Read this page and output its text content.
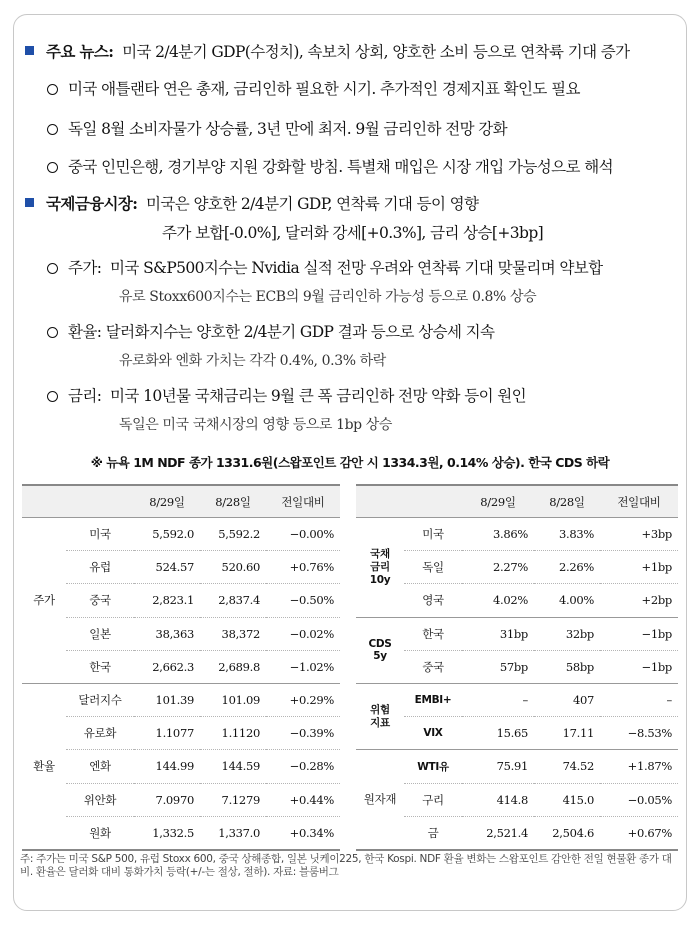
주요 뉴스: 미국 2/4분기 GDP(수정치), 속보치 상회, 양호한 소비 등으로 연착륙 기대 증가
미국 애틀랜타 연은 총재, 금리인하 필요한 시기. 추가적인 경제지표 확인도 필요
독일 8월 소비자물가 상승률, 3년 만에 최저. 9월 금리인하 전망 강화
중국 인민은행, 경기부양 지원 강화할 방침. 특별채 매입은 시장 개입 가능성으로 해석
국제금융시장: 미국은 양호한 2/4분기 GDP, 연착륙 기대 등이 영향
주가 보합[-0.0%], 달러화 강세[+0.3%], 금리 상승[+3bp]
주가: 미국 S&P500지수는 Nvidia 실적 전망 우려와 연착륙 기대 맞물리며 약보합
유로 Stoxx600지수는 ECB의 9월 금리인하 가능성 등으로 0.8% 상승
환율: 달러화지수는 양호한 2/4분기 GDP 결과 등으로 상승세 지속
유로화와 엔화 가치는 각각 0.4%, 0.3% 하락
금리: 미국 10년물 국채금리는 9월 큰 폭 금리인하 전망 약화 등이 원인
독일은 미국 국채시장의 영향 등으로 1bp 상승
※ 뉴욕 1M NDF 종가 1331.6원(스왑포인트 감안 시 1334.3원, 0.14% 상승). 한국 CDS 하락
		8/29일	8/28일	전일대비
주가	미국	5,592.0	5,592.2	−0.00%
	유럽	524.57	520.60	+0.76%
	중국	2,823.1	2,837.4	−0.50%
	일본	38,363	38,372	−0.02%
	한국	2,662.3	2,689.8	−1.02%
환율	달러지수	101.39	101.09	+0.29%
	유로화	1.1077	1.1120	−0.39%
	엔화	144.99	144.59	−0.28%
	위안화	7.0970	7.1279	+0.44%
	원화	1,332.5	1,337.0	+0.34%
		8/29일	8/28일	전일대비
국채
금리
10y	미국	3.86%	3.83%	+3bp
	독일	2.27%	2.26%	+1bp
	영국	4.02%	4.00%	+2bp
CDS
5y	한국	31bp	32bp	−1bp
	중국	57bp	58bp	−1bp
위험
지표	EMBI+	–	407	–
	VIX	15.65	17.11	−8.53%
원자재	WTI유	75.91	74.52	+1.87%
	구리	414.8	415.0	−0.05%
	금	2,521.4	2,504.6	+0.67%
주: 주가는 미국 S&P 500, 유럽 Stoxx 600, 중국 상해종합, 일본 닛케이225, 한국 Kospi. NDF 환율 변화는 스왑포인트 감안한 전일 현물환 종가 대비. 환율은 달러화 대비 통화가치 등락(+/-는 절상, 절하). 자료: 블룸버그
